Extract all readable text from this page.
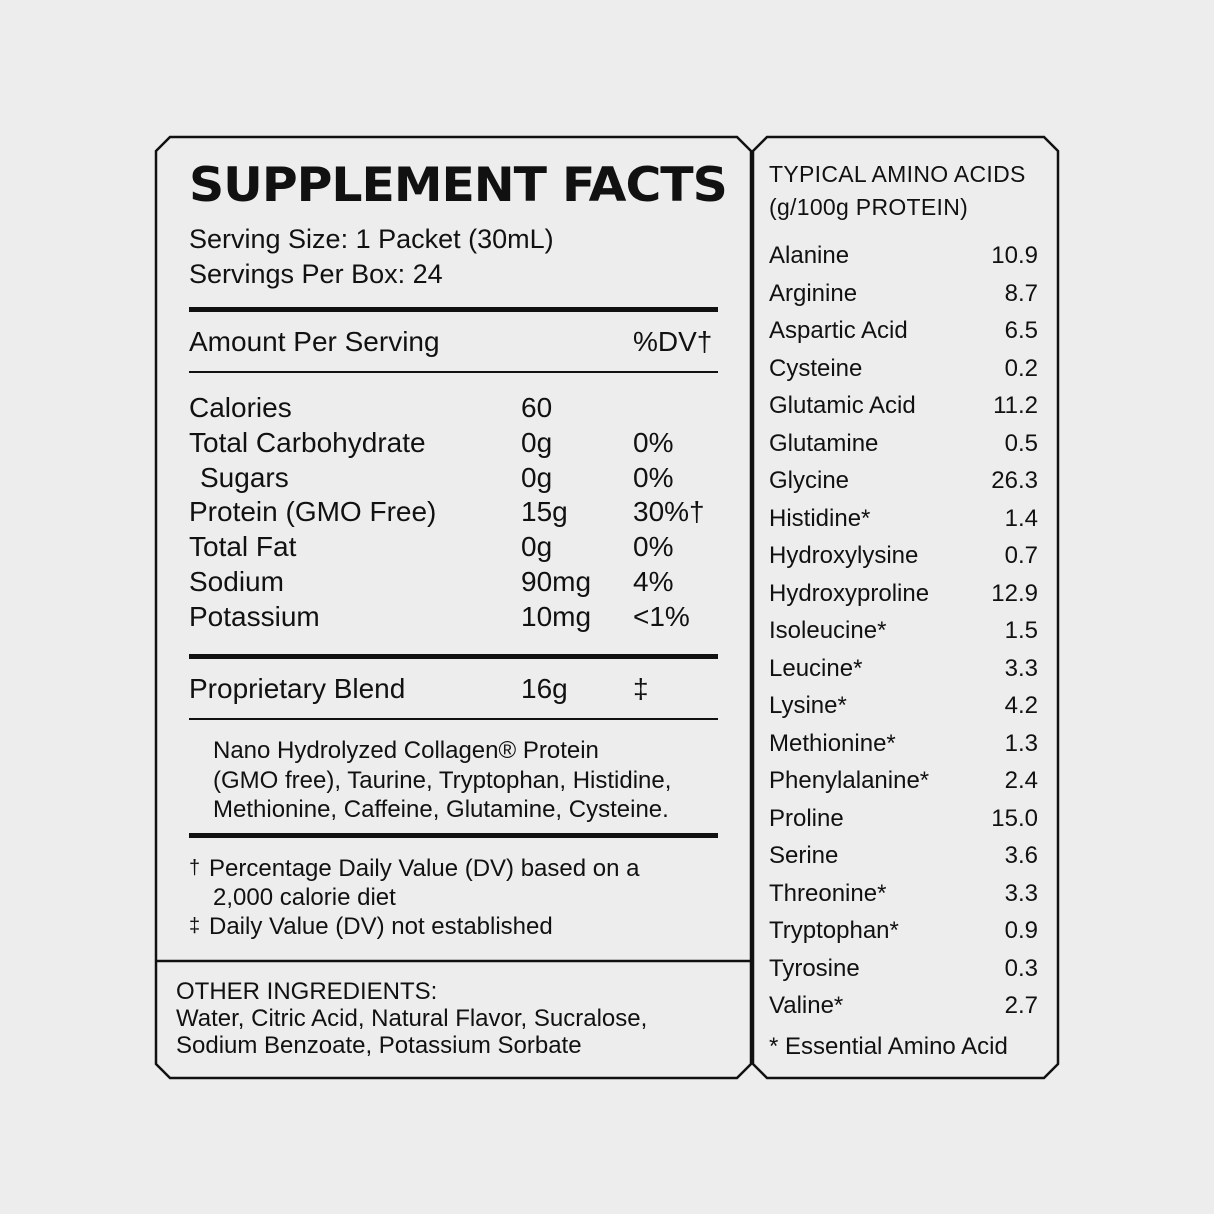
SUPPLEMENT FACTS
Serving Size: 1 Packet (30mL)
Servings Per Box: 24
Amount Per Serving	%DV†
Calories	60
Total Carbohydrate	0g	0%
Sugars	0g	0%
Protein (GMO Free)	15g 30%†
Total Fat	0g	0%
Sodium	90mg 4%
Potassium	10mg <1%
Proprietary Blend	16g ‡
Nano Hydrolyzed Collagen® Protein
(GMO free), Taurine, Tryptophan, Histidine,
Methionine, Caffeine, Glutamine, Cysteine.
† Percentage Daily Value (DV) based on a
2,000 calorie diet
‡ Daily Value (DV) not established
OTHER INGREDIENTS:
Water, Citric Acid, Natural Flavor, Sucralose,
Sodium Benzoate, Potassium Sorbate
TYPICAL AMINO ACIDS
(g/100g PROTEIN)
Alanine	10.9
Arginine	8.7
Aspartic Acid	6.5
Cysteine	0.2
Glutamic Acid	11.2
Glutamine	0.5
Glycine	26.3
Histidine*	1.4
Hydroxylysine	0.7
Hydroxyproline	12.9
Isoleucine*	1.5
Leucine*	3.3
Lysine*	4.2
Methionine*	1.3
Phenylalanine*	2.4
Proline	15.0
Serine	3.6
Threonine*	3.3
Tryptophan*	0.9
Tyrosine	0.3
Valine*	2.7
* Essential Amino Acid
